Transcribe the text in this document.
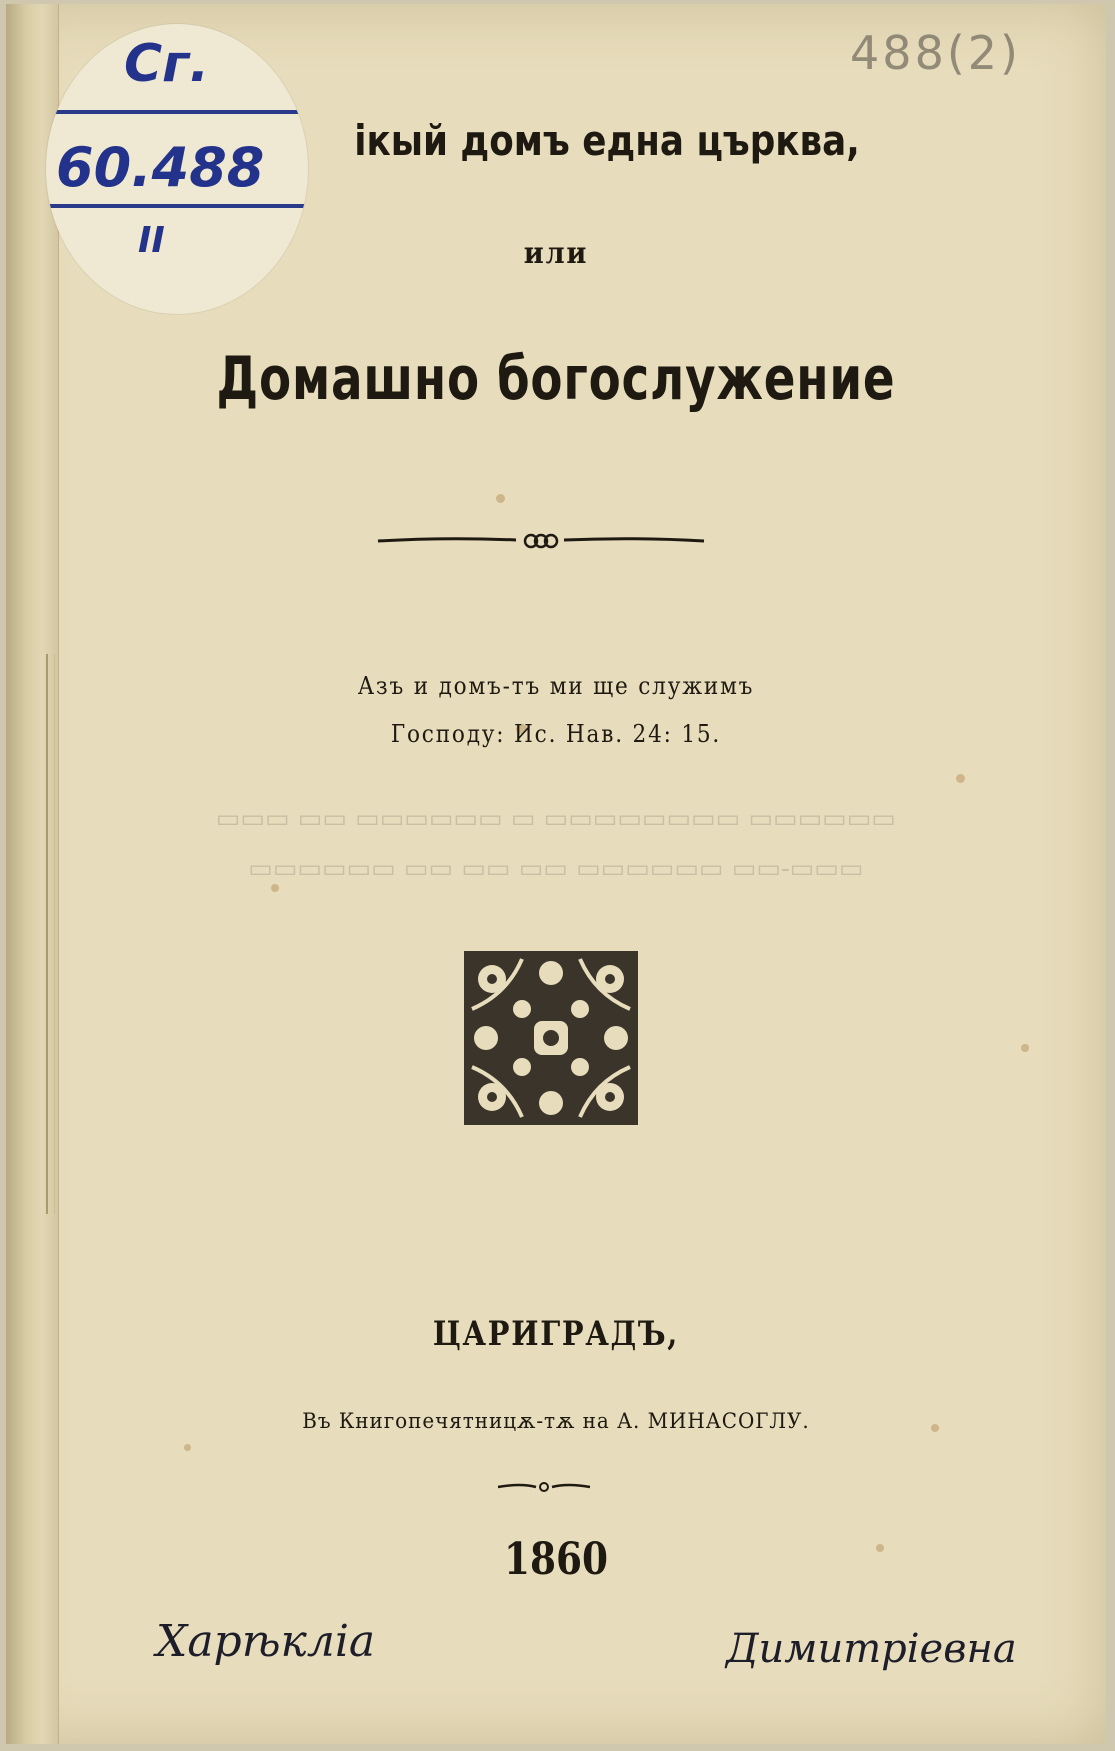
Сг.
60.488
II
488(2)
ікый домъ една църква,
или
Домашно богослужение
Азъ и домъ-тъ ми ще служимъ
Господу: Ис. Нав. 24: 15.
▭▭▭▭▭▭ ▭▭▭▭▭▭▭▭ ▭ ▭▭▭▭▭▭ ▭▭ ▭▭▭
▭▭▭-▭▭ ▭▭▭▭▭▭ ▭▭ ▭▭ ▭▭ ▭▭▭▭▭▭
ЦАРИГРАДЪ,
Въ Книгопечятницѫ-тѫ на А. МИНАСОГЛУ.
1860
Харѣклiа	Димитрiевна
